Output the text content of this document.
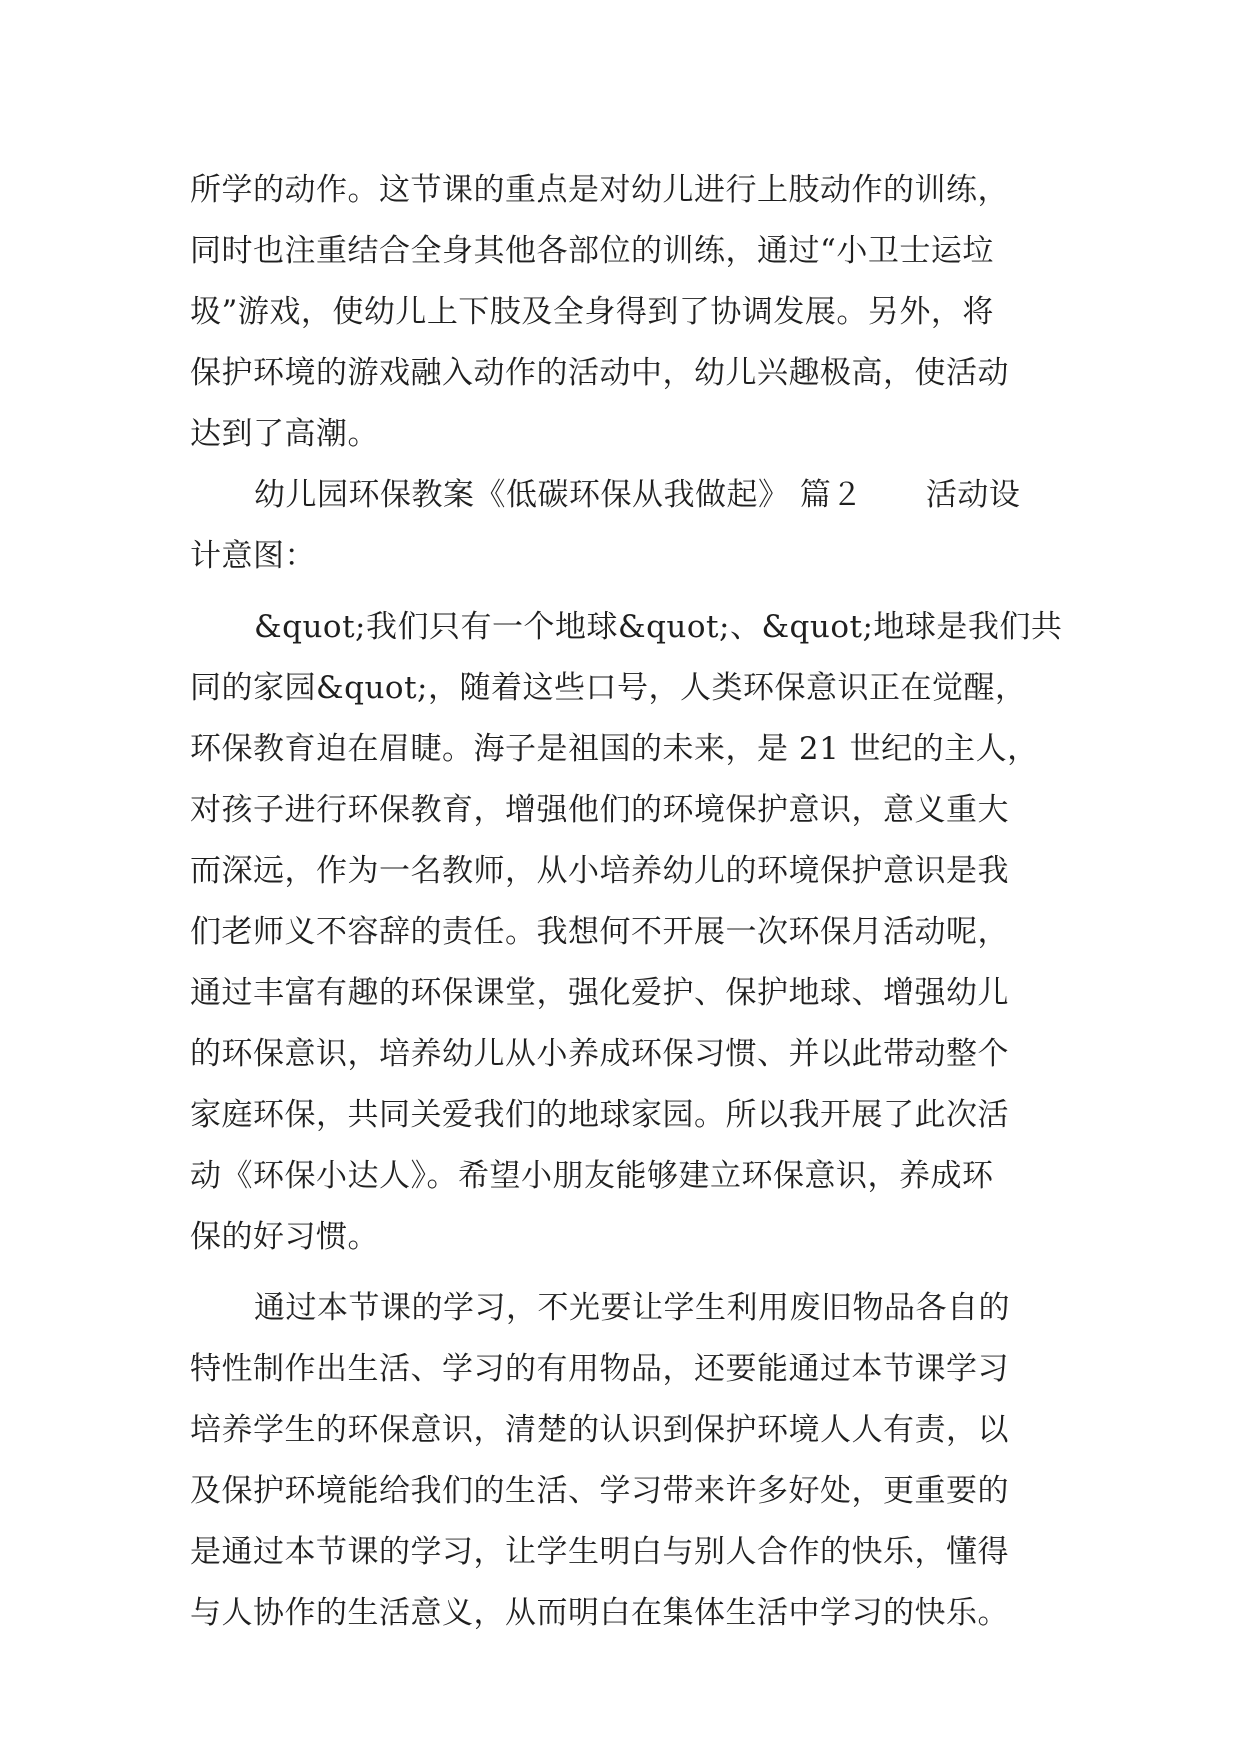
所学的动作。这节课的重点是对幼儿进行上肢动作的训练，
同时也注重结合全身其他各部位的训练，通过“小卫士运垃
圾”游戏，使幼儿上下肢及全身得到了协调发展。另外，将
保护环境的游戏融入动作的活动中，幼儿兴趣极高，使活动
达到了高潮。
幼儿园环保教案《低碳环保从我做起》 篇２　　活动设
计意图：
&quot;我们只有一个地球&quot;、&quot;地球是我们共
同的家园&quot;，随着这些口号，人类环保意识正在觉醒，
环保教育迫在眉睫。海子是祖国的未来，是 21 世纪的主人，
对孩子进行环保教育，增强他们的环境保护意识，意义重大
而深远，作为一名教师，从小培养幼儿的环境保护意识是我
们老师义不容辞的责任。我想何不开展一次环保月活动呢，
通过丰富有趣的环保课堂，强化爱护、保护地球、增强幼儿
的环保意识，培养幼儿从小养成环保习惯、并以此带动整个
家庭环保，共同关爱我们的地球家园。所以我开展了此次活
动《环保小达人》。希望小朋友能够建立环保意识，养成环
保的好习惯。
通过本节课的学习，不光要让学生利用废旧物品各自的
特性制作出生活、学习的有用物品，还要能通过本节课学习
培养学生的环保意识，清楚的认识到保护环境人人有责，以
及保护环境能给我们的生活、学习带来许多好处，更重要的
是通过本节课的学习，让学生明白与别人合作的快乐，懂得
与人协作的生活意义，从而明白在集体生活中学习的快乐。
